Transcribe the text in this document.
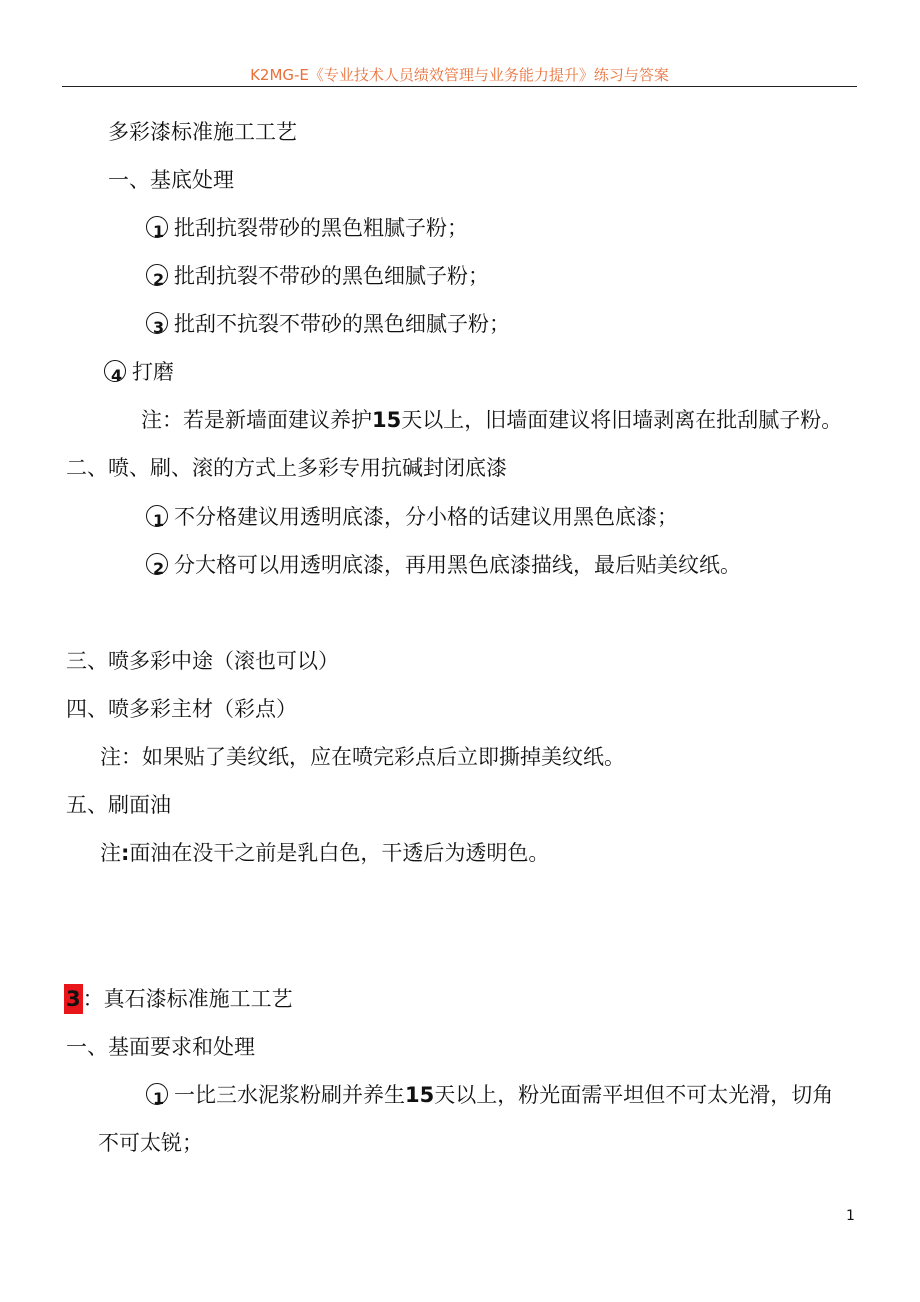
K2MG-E《专业技术人员绩效管理与业务能力提升》练习与答案
多彩漆标准施工工艺
一、基底处理
1 批刮抗裂带砂的黑色粗腻子粉；
2 批刮抗裂不带砂的黑色细腻子粉；
3 批刮不抗裂不带砂的黑色细腻子粉；
4 打磨
注：若是新墙面建议养护15天以上，旧墙面建议将旧墙剥离在批刮腻子粉。
二、喷、刷、滚的方式上多彩专用抗碱封闭底漆
1 不分格建议用透明底漆，分小格的话建议用黑色底漆；
2 分大格可以用透明底漆，再用黑色底漆描线，最后贴美纹纸。
三、喷多彩中途（滚也可以）
四、喷多彩主材（彩点）
注：如果贴了美纹纸，应在喷完彩点后立即撕掉美纹纸。
五、刷面油
注:面油在没干之前是乳白色，干透后为透明色。
3：真石漆标准施工工艺
一、基面要求和处理
1 一比三水泥浆粉刷并养生15天以上，粉光面需平坦但不可太光滑，切角
不可太锐；
1
